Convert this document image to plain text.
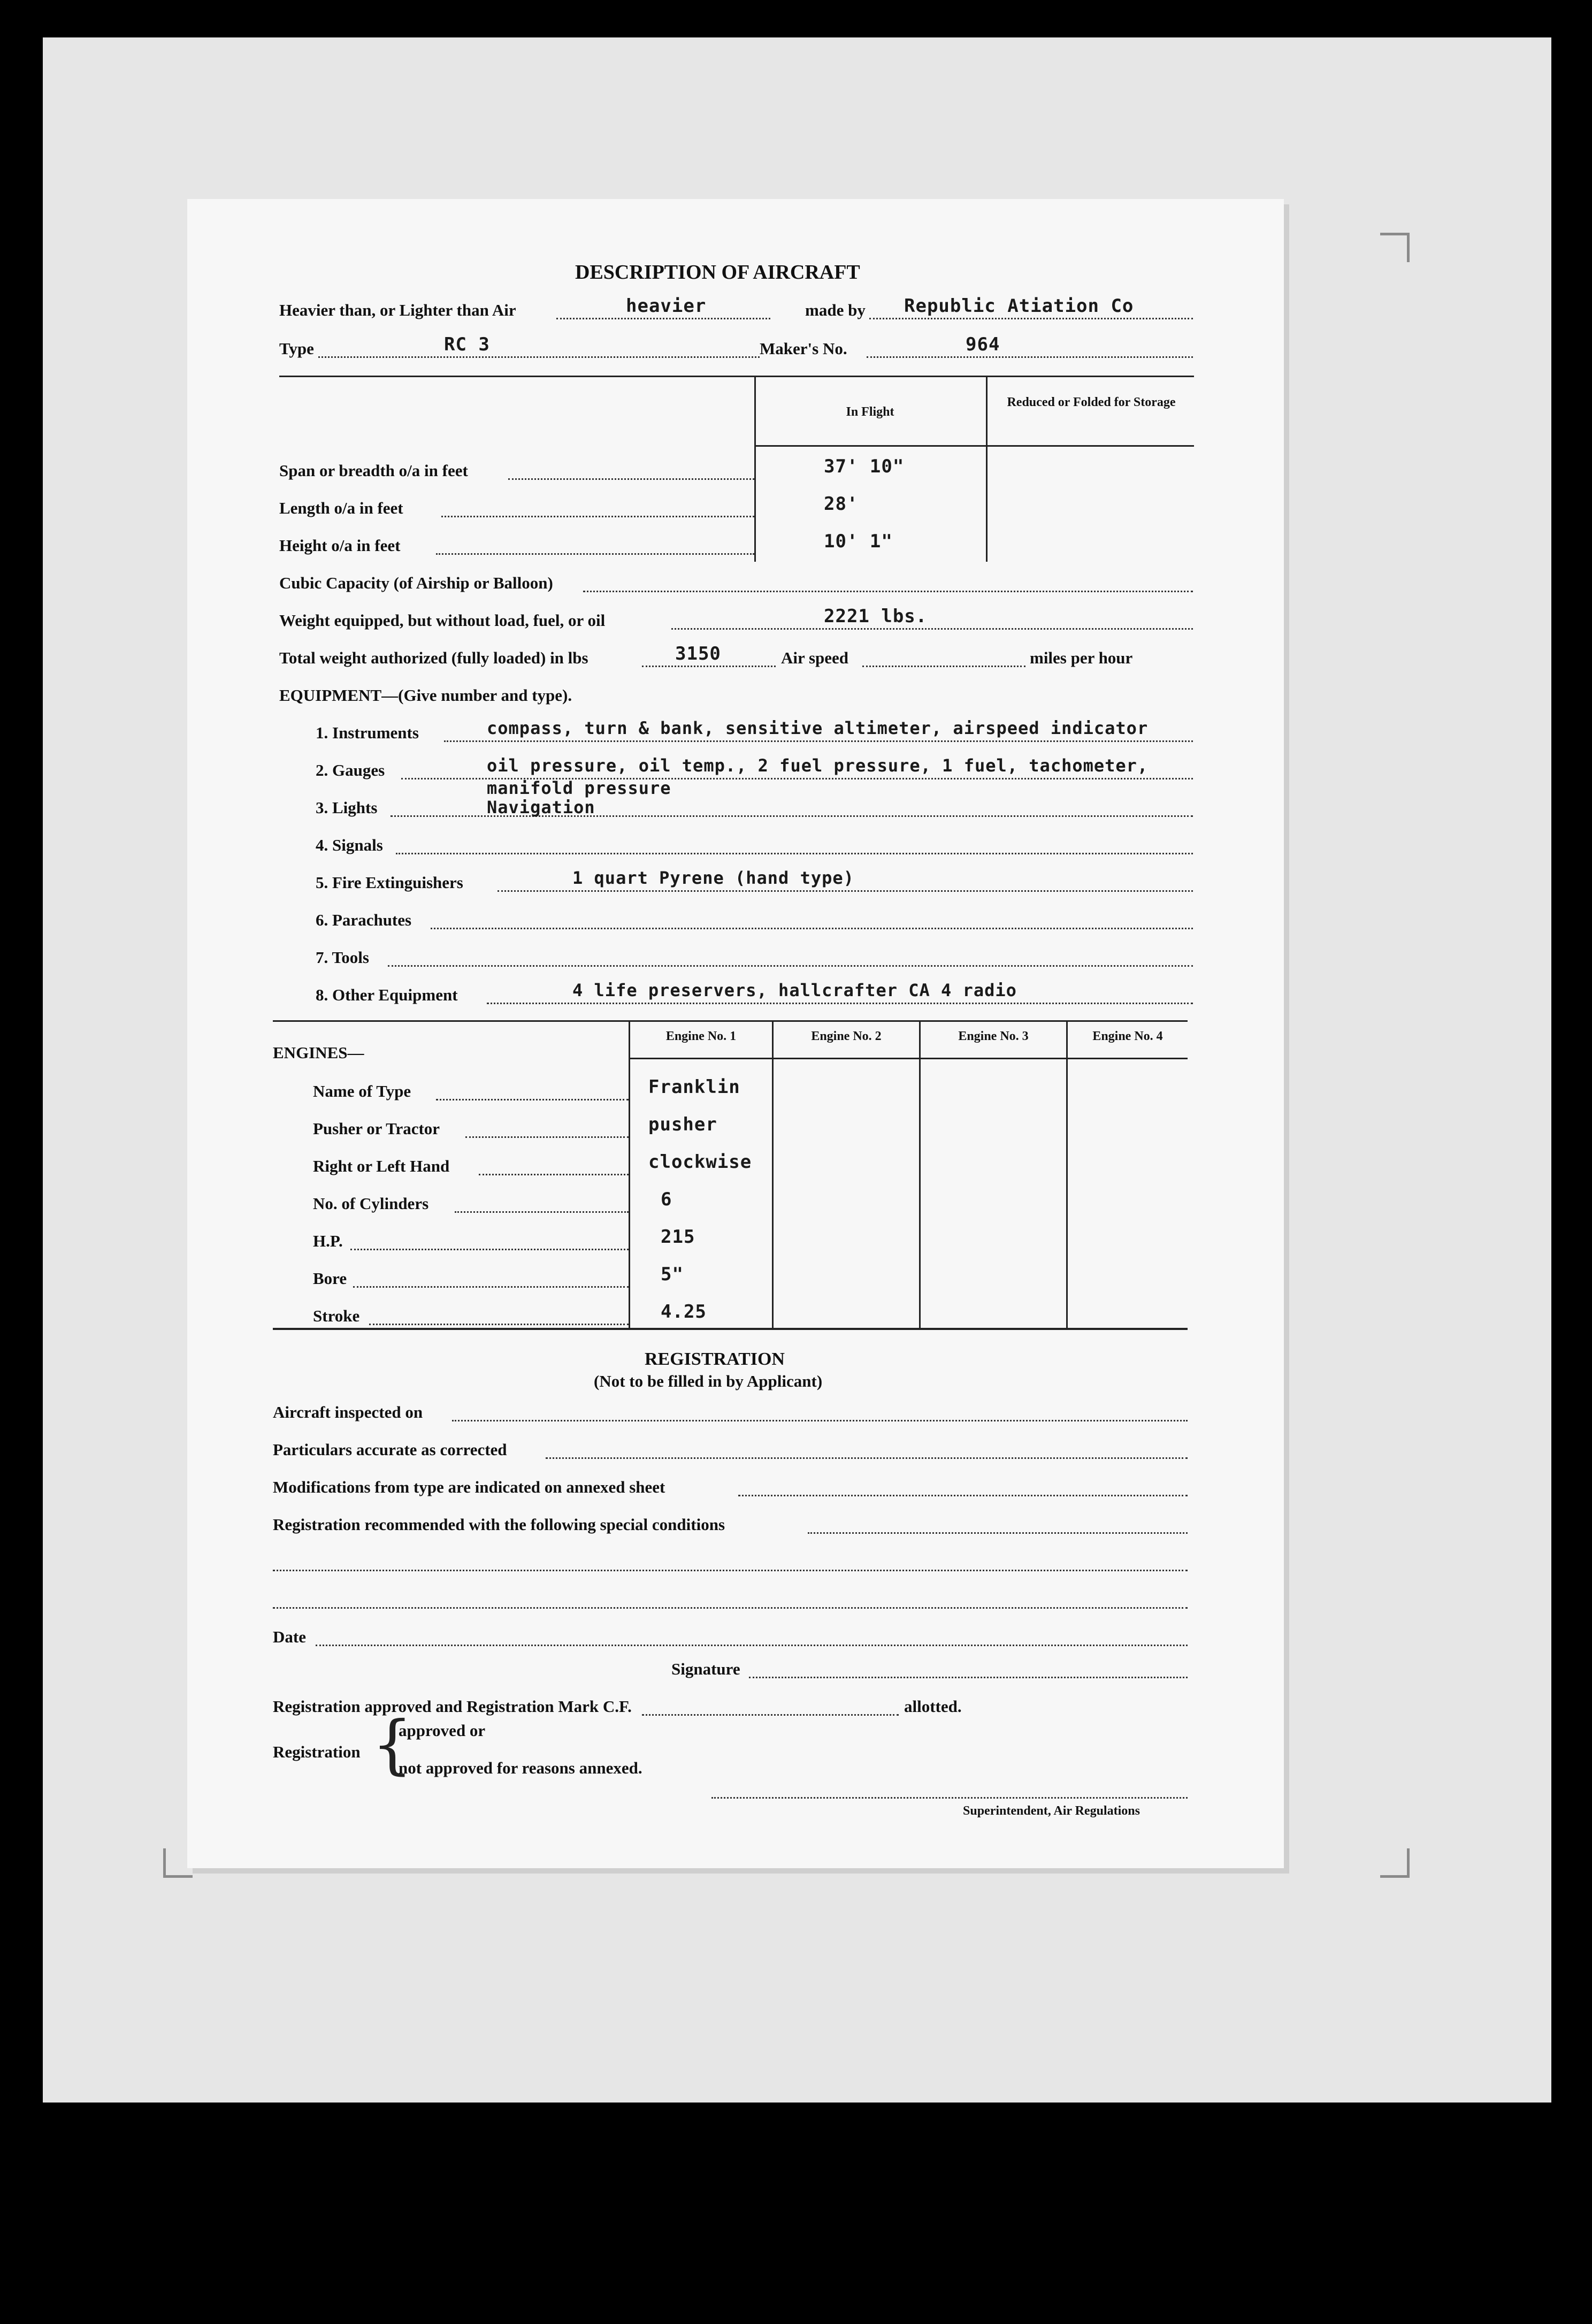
DESCRIPTION OF AIRCRAFT
Heavier than, or Lighter than Air	heavier	made by Republic Atiation Co
Type	RC 3	Maker's No.	964
In Flight
Reduced or Folded for Storage
Span or breadth o/a in feet	37' 10"
Length o/a in feet	28'
Height o/a in feet	10' 1"
Cubic Capacity (of Airship or Balloon)
Weight equipped, but without load, fuel, or oil	2221 lbs.
Total weight authorized (fully loaded) in lbs	3150	Air speed	miles per hour
EQUIPMENT—(Give number and type).
1. Instruments	compass, turn & bank, sensitive altimeter, airspeed indicator
2. Gauges	oil pressure, oil temp., 2 fuel pressure, 1 fuel, tachometer,
manifold pressure
3. Lights	Navigation
4. Signals
5. Fire Extinguishers	1 quart Pyrene (hand type)
6. Parachutes
7. Tools
8. Other Equipment	4 life preservers, hallcrafter CA 4 radio
ENGINES—
Engine No. 1	Engine No. 2	Engine No. 3	Engine No. 4
Name of Type	Franklin
Pusher or Tractor	pusher
Right or Left Hand	clockwise
No. of Cylinders	6
H.P.	215
Bore	5"
Stroke	4.25
REGISTRATION
(Not to be filled in by Applicant)
Aircraft inspected on
Particulars accurate as corrected
Modifications from type are indicated on annexed sheet
Registration recommended with the following special conditions
Date
Signature
Registration approved and Registration Mark C.F.	allotted.
Registration {
approved or
not approved for reasons annexed.
Superintendent, Air Regulations
